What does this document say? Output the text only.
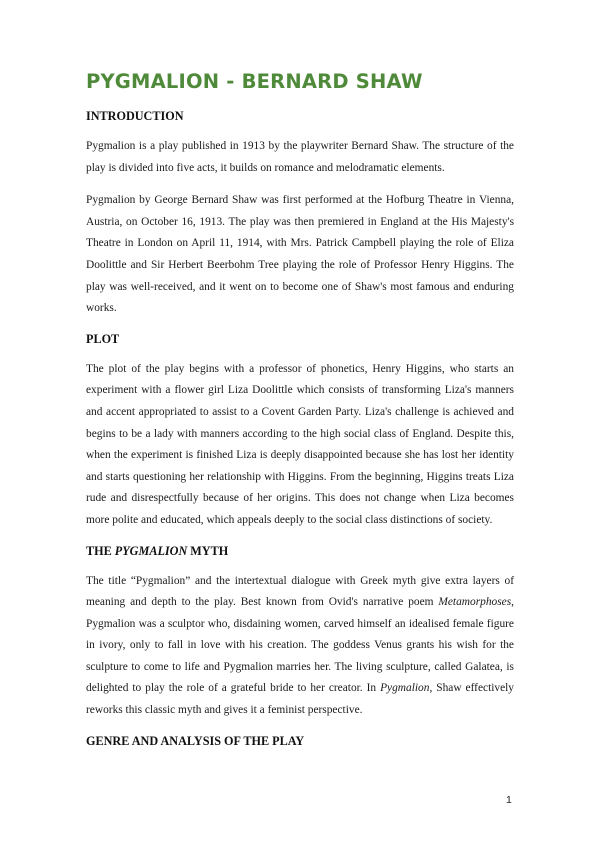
PYGMALION - BERNARD SHAW
INTRODUCTION

Pygmalion is a play published in 1913 by the playwriter Bernard Shaw. The structure of the play is divided into five acts, it builds on romance and melodramatic elements.

Pygmalion by George Bernard Shaw was first performed at the Hofburg Theatre in Vienna, Austria, on October 16, 1913. The play was then premiered in England at the His Majesty's Theatre in London on April 11, 1914, with Mrs. Patrick Campbell playing the role of Eliza Doolittle and Sir Herbert Beerbohm Tree playing the role of Professor Henry Higgins. The play was well-received, and it went on to become one of Shaw's most famous and enduring works.

PLOT

The plot of the play begins with a professor of phonetics, Henry Higgins, who starts an experiment with a flower girl Liza Doolittle which consists of transforming Liza's manners and accent appropriated to assist to a Covent Garden Party. Liza's challenge is achieved and begins to be a lady with manners according to the high social class of England. Despite this, when the experiment is finished Liza is deeply disappointed because she has lost her identity and starts questioning her relationship with Higgins. From the beginning, Higgins treats Liza rude and disrespectfully because of her origins. This does not change when Liza becomes more polite and educated, which appeals deeply to the social class distinctions of society.

THE PYGMALION MYTH

The title “Pygmalion” and the intertextual dialogue with Greek myth give extra layers of meaning and depth to the play. Best known from Ovid's narrative poem Metamorphoses, Pygmalion was a sculptor who, disdaining women, carved himself an idealised female figure in ivory, only to fall in love with his creation. The goddess Venus grants his wish for the sculpture to come to life and Pygmalion marries her. The living sculpture, called Galatea, is delighted to play the role of a grateful bride to her creator. In Pygmalion, Shaw effectively reworks this classic myth and gives it a feminist perspective.

GENRE AND ANALYSIS OF THE PLAY
1
